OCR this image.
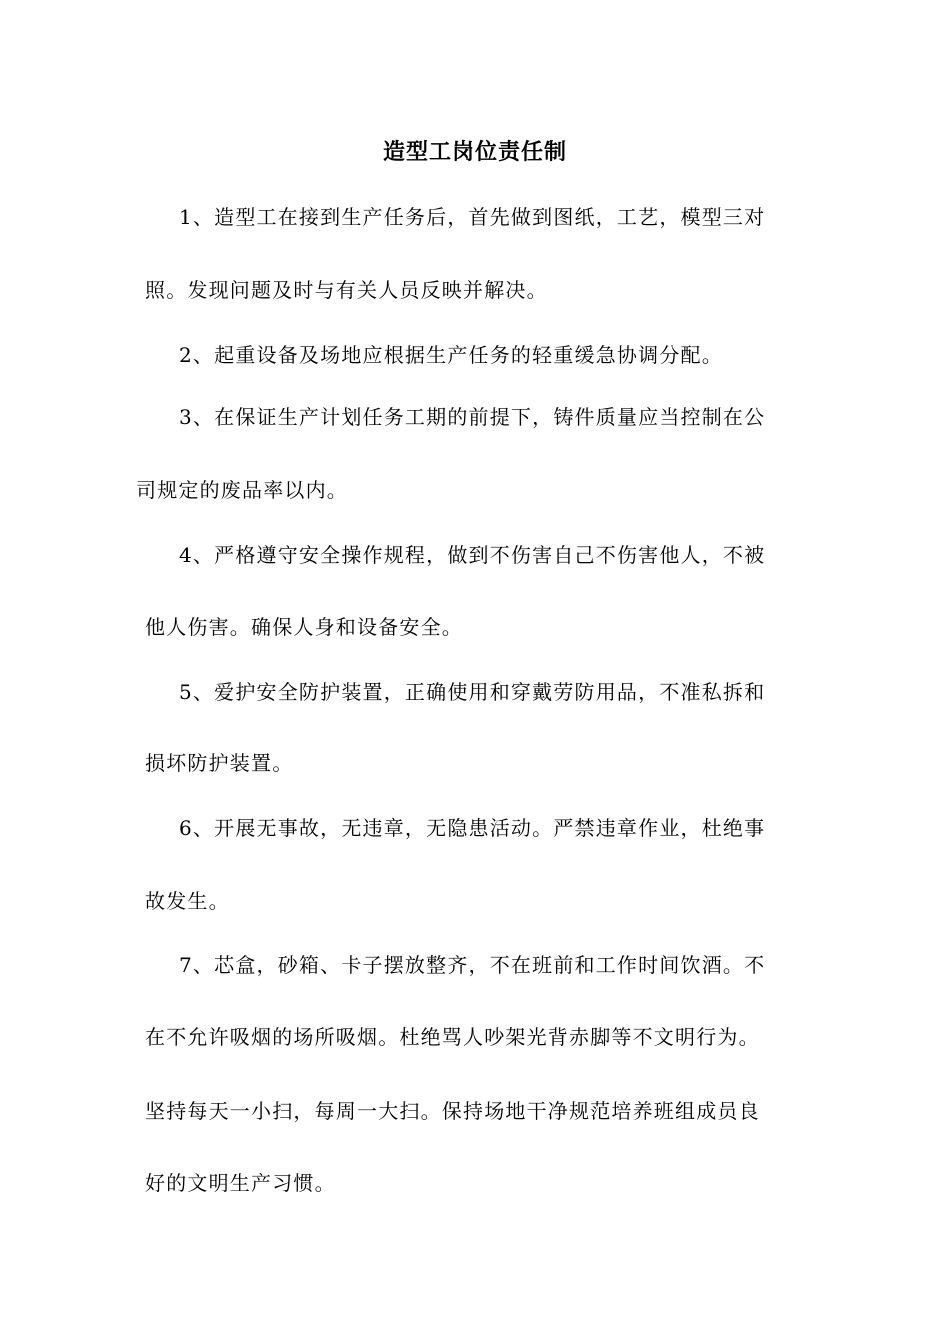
造型工岗位责任制
1、造型工在接到生产任务后，首先做到图纸，工艺，模型三对
照。发现问题及时与有关人员反映并解决。
2、起重设备及场地应根据生产任务的轻重缓急协调分配。
3、在保证生产计划任务工期的前提下，铸件质量应当控制在公
司规定的废品率以内。
4、严格遵守安全操作规程，做到不伤害自己不伤害他人，不被
他人伤害。确保人身和设备安全。
5、爱护安全防护装置，正确使用和穿戴劳防用品，不准私拆和
损坏防护装置。
6、开展无事故，无违章，无隐患活动。严禁违章作业，杜绝事
故发生。
7、芯盒，砂箱、卡子摆放整齐，不在班前和工作时间饮酒。不
在不允许吸烟的场所吸烟。杜绝骂人吵架光背赤脚等不文明行为。
坚持每天一小扫，每周一大扫。保持场地干净规范培养班组成员良
好的文明生产习惯。
